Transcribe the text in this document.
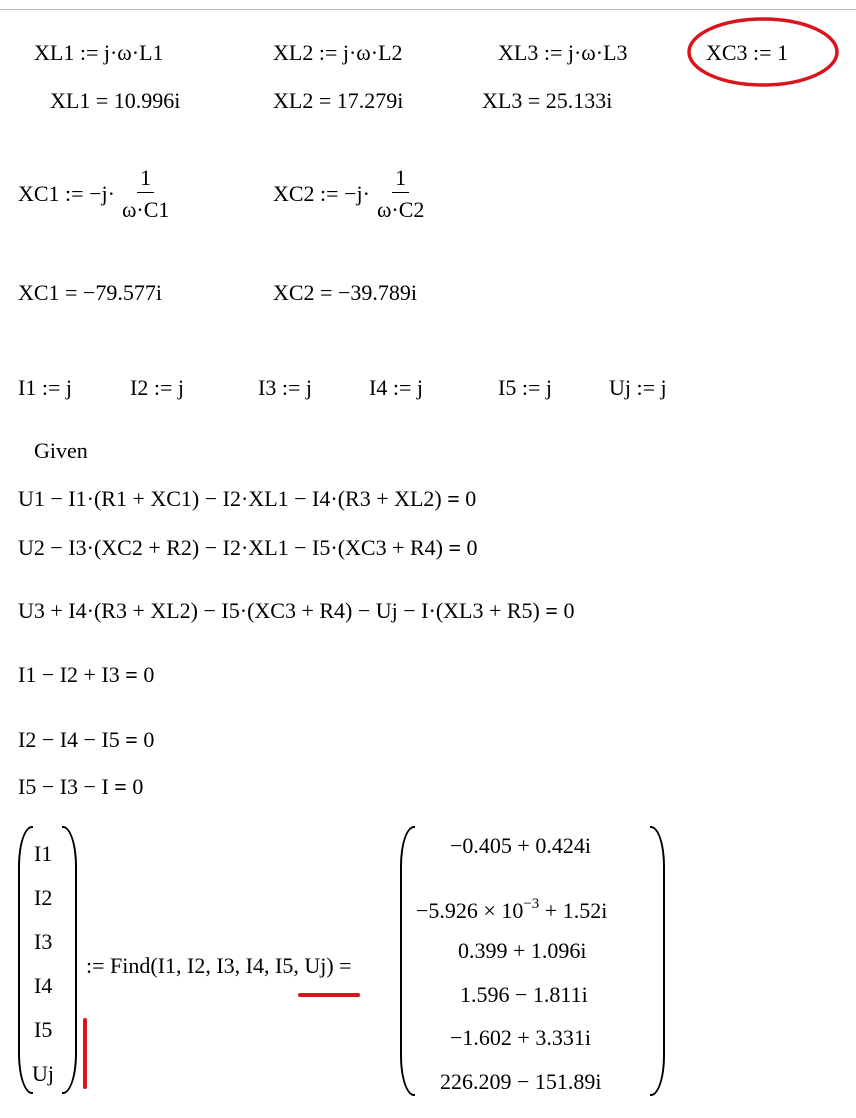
XL1 := j·ω·L1	XL2 := j·ω·L2	XL3 := j·ω·L3	XC3 := 1
XL1 = 10.996i	XL2 = 17.279i	XL3 = 25.133i
XC1 := $-j\cdot \frac{1}{\omega\cdot C1}$	XC2 := $-j\cdot \frac{1}{\omega\cdot C2}$
XC1 = −79.577i	XC2 = −39.789i
I1 := j	I2 := j	I3 := j	I4 := j	I5 := j	Uj := j
Given
U1 − I1·(R1 + XC1) − I2·XL1 − I4·(R3 + XL2) = 0
U2 − I3·(XC2 + R2) − I2·XL1 − I5·(XC3 + R4) = 0
U3 + I4·(R3 + XL2) − I5·(XC3 + R4) − Uj − I·(XL3 + R5) = 0
I1 − I2 + I3 = 0
I2 − I4 − I5 = 0
I5 − I3 − I = 0
I1
I2
I3
I4
I5
Uj
:= Find(I1, I2, I3, I4, I5, Uj) =
−0.405 + 0.424i
$-5.926 \times 10^{-3} + 1.52i$
0.399 + 1.096i
1.596 − 1.811i
−1.602 + 3.331i
226.209 − 151.89i
